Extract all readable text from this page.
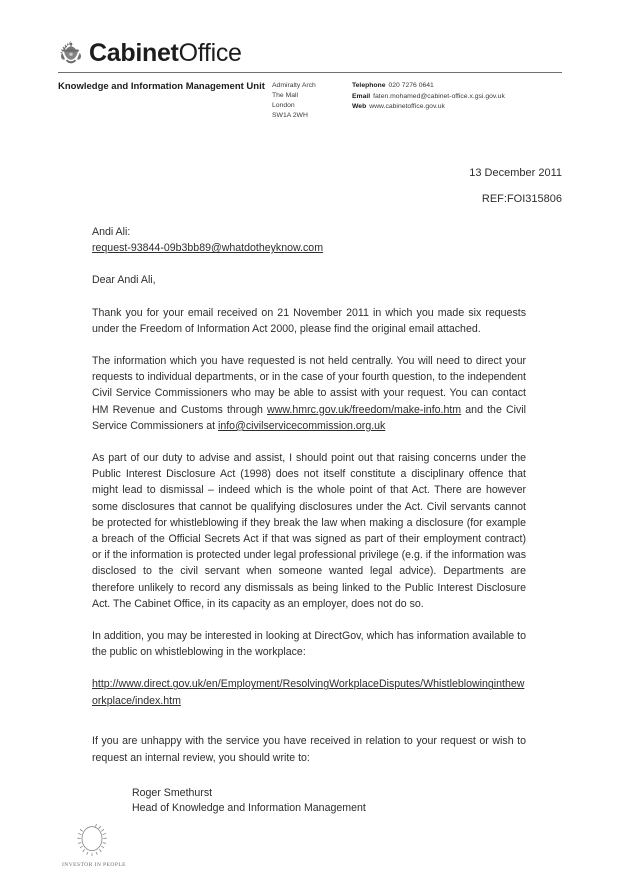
CabinetOffice
Knowledge and Information Management Unit	Admiralty Arch
The Mall
London
SW1A 2WH
Telephone 020 7276 0641
Email faten.mohamed@cabinet-office.x.gsi.gov.uk
Web www.cabinetoffice.gov.uk
13 December 2011
REF:FOI315806
Andi Ali:
request-93844-09b3bb89@whatdotheyknow.com

Dear Andi Ali,

Thank you for your email received on 21 November 2011 in which you made six requests under the Freedom of Information Act 2000, please find the original email attached.

The information which you have requested is not held centrally. You will need to direct your requests to individual departments, or in the case of your fourth question, to the independent Civil Service Commissioners who may be able to assist with your request. You can contact HM Revenue and Customs through www.hmrc.gov.uk/freedom/make-info.htm and the Civil Service Commissioners at info@civilservicecommission.org.uk

As part of our duty to advise and assist, I should point out that raising concerns under the Public Interest Disclosure Act (1998) does not itself constitute a disciplinary offence that might lead to dismissal – indeed which is the whole point of that Act. There are however some disclosures that cannot be qualifying disclosures under the Act. Civil servants cannot be protected for whistleblowing if they break the law when making a disclosure (for example a breach of the Official Secrets Act if that was signed as part of their employment contract) or if the information is protected under legal professional privilege (e.g. if the information was disclosed to the civil servant when someone wanted legal advice). Departments are therefore unlikely to record any dismissals as being linked to the Public Interest Disclosure Act. The Cabinet Office, in its capacity as an employer, does not do so.

In addition, you may be interested in looking at DirectGov, which has information available to the public on whistleblowing in the workplace:

http://www.direct.gov.uk/en/Employment/ResolvingWorkplaceDisputes/Whistleblowingintheworkplace/index.htm

If you are unhappy with the service you have received in relation to your request or wish to request an internal review, you should write to:

Roger Smethurst
Head of Knowledge and Information Management
INVESTOR IN PEOPLE
